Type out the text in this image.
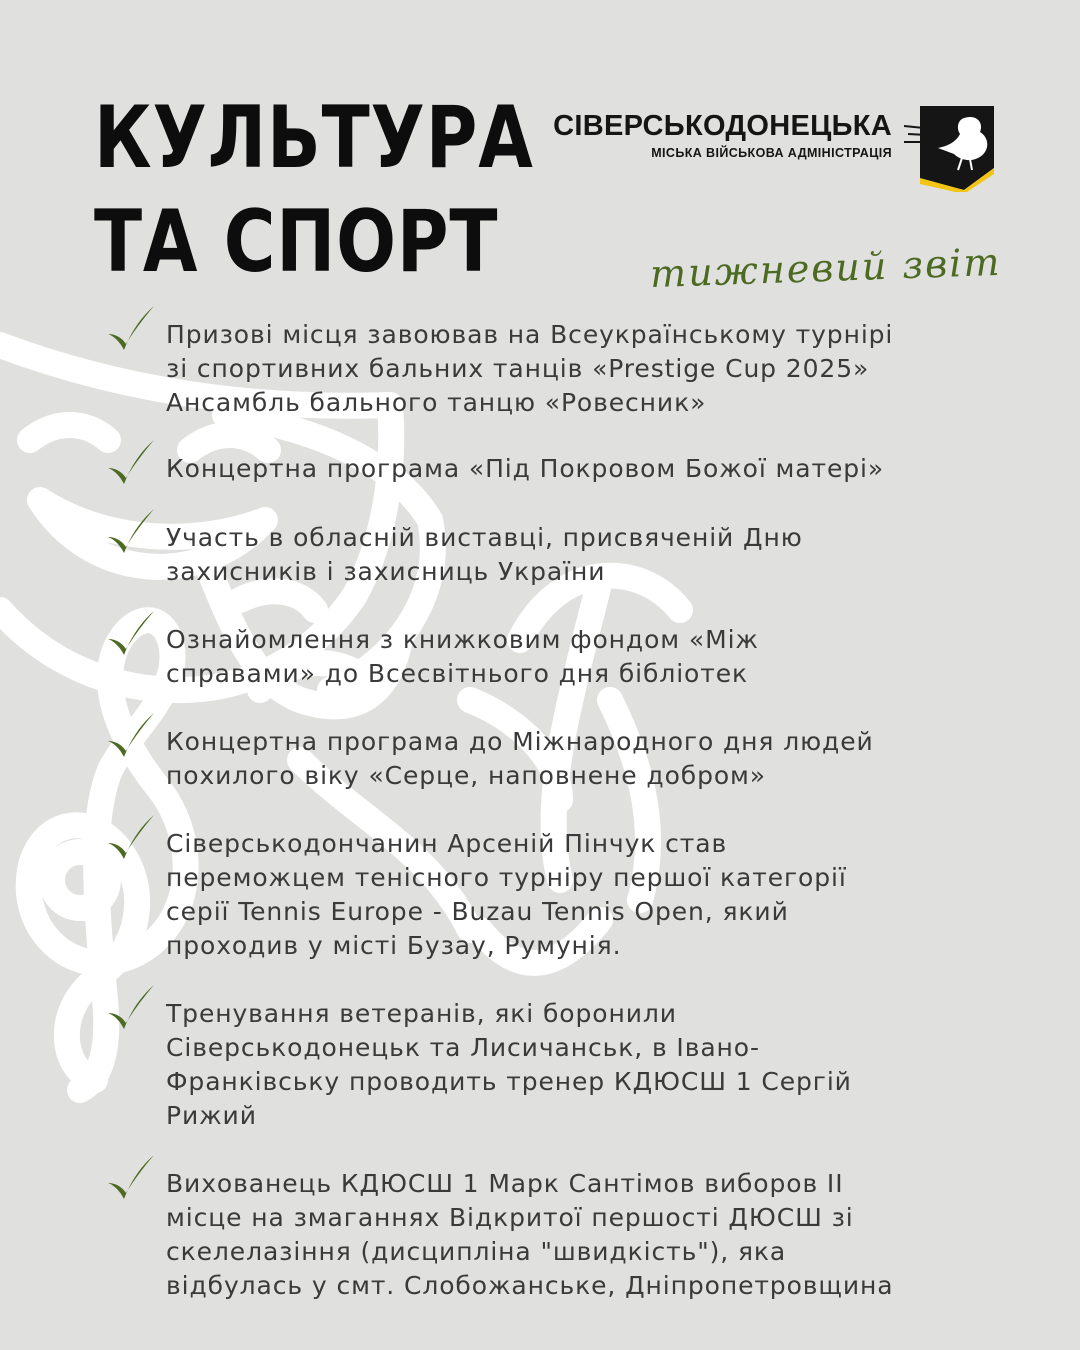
КУЛЬТУРА
ТА СПОРТ
СІВЕРСЬКОДОНЕЦЬКА
МІСЬКА ВІЙСЬКОВА АДМІНІСТРАЦІЯ
тижневий звіт
Призові місця завоював на Всеукраїнському турнірі
зі спортивних бальних танців «Prestige Cup 2025»
Ансамбль бального танцю «Ровесник»
Концертна програма «Під Покровом Божої матері»
Участь в обласній виставці, присвяченій Дню
захисників і захисниць України
Ознайомлення з книжковим фондом «Між
справами» до Всесвітнього дня бібліотек
Концертна програма до Міжнародного дня людей
похилого віку «Серце, наповнене добром»
Сіверськодончанин Арсеній Пінчук став
переможцем тенісного турніру першої категорії
серії Tennis Europe - Buzau Tennis Open, який
проходив у місті Бузау, Румунія.
Тренування ветеранів, які боронили
Сіверськодонецьк та Лисичанськ, в Івано-
Франківську проводить тренер КДЮСШ 1 Сергій
Рижий
Вихованець КДЮСШ 1 Марк Сантімов виборов ІІ
місце на змаганнях Відкритої першості ДЮСШ зі
скелелазіння (дисципліна "швидкість"), яка
відбулась у смт. Слобожанське, Дніпропетровщина
